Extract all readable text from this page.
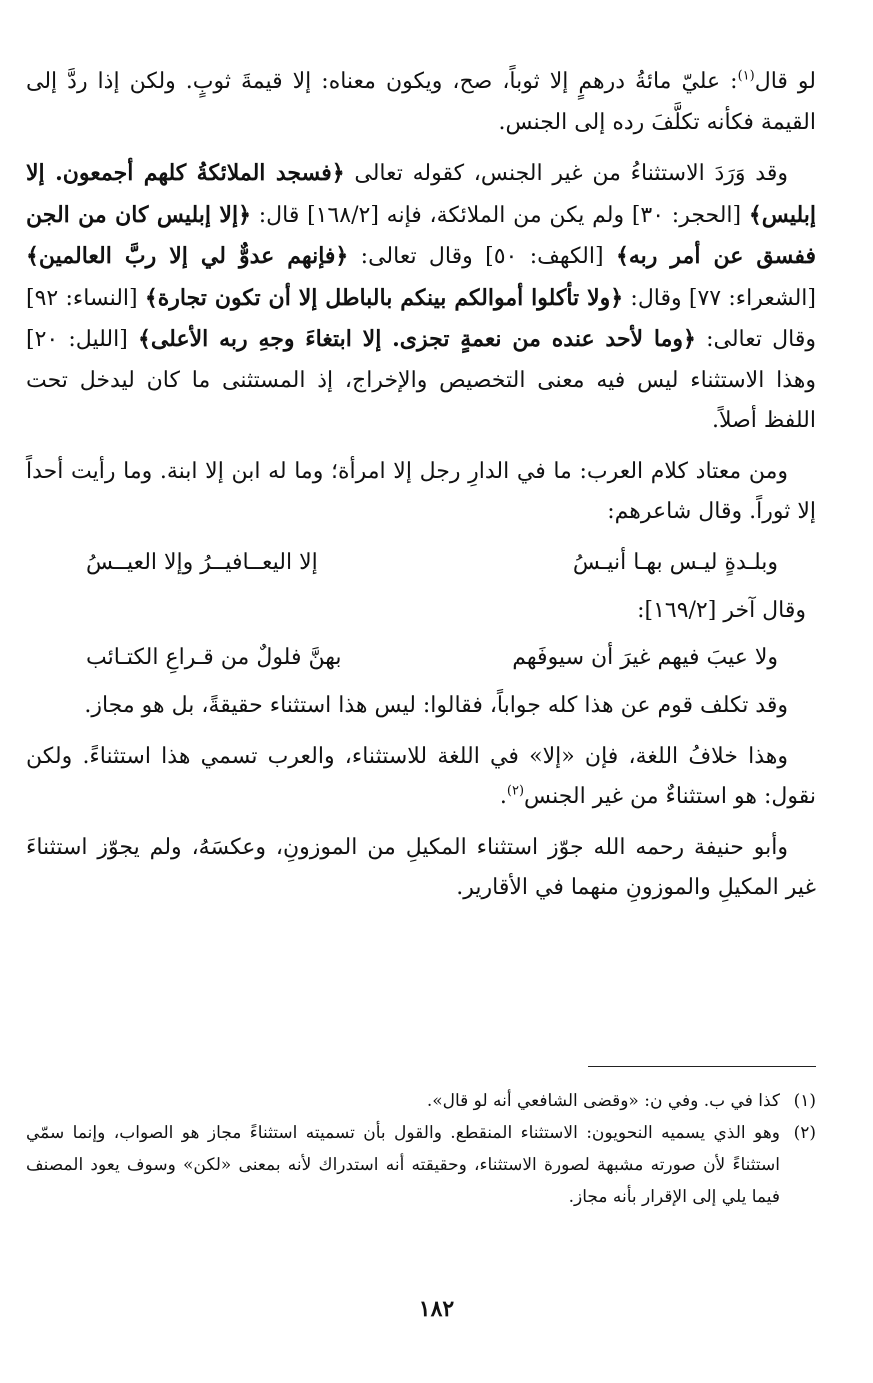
لو قال$^{(١)}$: عليّ مائةُ درهمٍ إلا ثوباً، صح، ويكون معناه: إلا قيمةَ ثوبٍ. ولكن إذا ردَّ إلى القيمة فكأنه تكلَّفَ رده إلى الجنس.

وقد وَرَدَ الاستثناءُ من غير الجنس، كقوله تعالى ﴿فسجد الملائكةُ كلهم أجمعون. إلا إبليس﴾ [الحجر: ٣٠] ولم يكن من الملائكة، فإنه [١٦٨/٢] قال: ﴿إلا إبليس كان من الجن ففسق عن أمر ربه﴾ [الكهف: ٥٠] وقال تعالى: ﴿فإنهم عدوٌّ لي إلا ربَّ العالمين﴾ [الشعراء: ٧٧] وقال: ﴿ولا تأكلوا أموالكم بينكم بالباطل إلا أن تكون تجارة﴾ [النساء: ٩٢] وقال تعالى: ﴿وما لأحد عنده من نعمةٍ تجزى. إلا ابتغاءَ وجهِ ربه الأعلى﴾ [الليل: ٢٠] وهذا الاستثناء ليس فيه معنى التخصيص والإخراج، إذ المستثنى ما كان ليدخل تحت اللفظ أصلاً.

ومن معتاد كلام العرب: ما في الدارِ رجل إلا امرأة؛ وما له ابن إلا ابنة. وما رأيت أحداً إلا ثوراً. وقال شاعرهم:

وبلـدةٍ ليـس بهـا أنيـسُ
إلا اليعــافيــرُ وإلا العيــسُ
وقال آخر [١٦٩/٢]:
ولا عيبَ فيهم غيرَ أن سيوفَهم
بهنَّ فلولٌ من قـراعِ الكتـائب

وقد تكلف قوم عن هذا كله جواباً، فقالوا: ليس هذا استثناء حقيقةً، بل هو مجاز.

وهذا خلافُ اللغة، فإن «إلا» في اللغة للاستثناء، والعرب تسمي هذا استثناءً. ولكن نقول: هو استثناءٌ من غير الجنس$^{(٢)}$.

وأبو حنيفة رحمه الله جوّز استثناء المكيلِ من الموزونِ، وعكسَهُ، ولم يجوّز استثناءَ غير المكيلِ والموزونِ منهما في الأقارير.

(١)
كذا في ب. وفي ن: «وقضى الشافعي أنه لو قال».
(٢)
وهو الذي يسميه النحويون: الاستثناء المنقطع. والقول بأن تسميته استثناءً مجاز هو الصواب، وإنما سمّي استثناءً لأن صورته مشبهة لصورة الاستثناء، وحقيقته أنه استدراك لأنه بمعنى «لكن» وسوف يعود المصنف فيما يلي إلى الإقرار بأنه مجاز.
١٨٢
